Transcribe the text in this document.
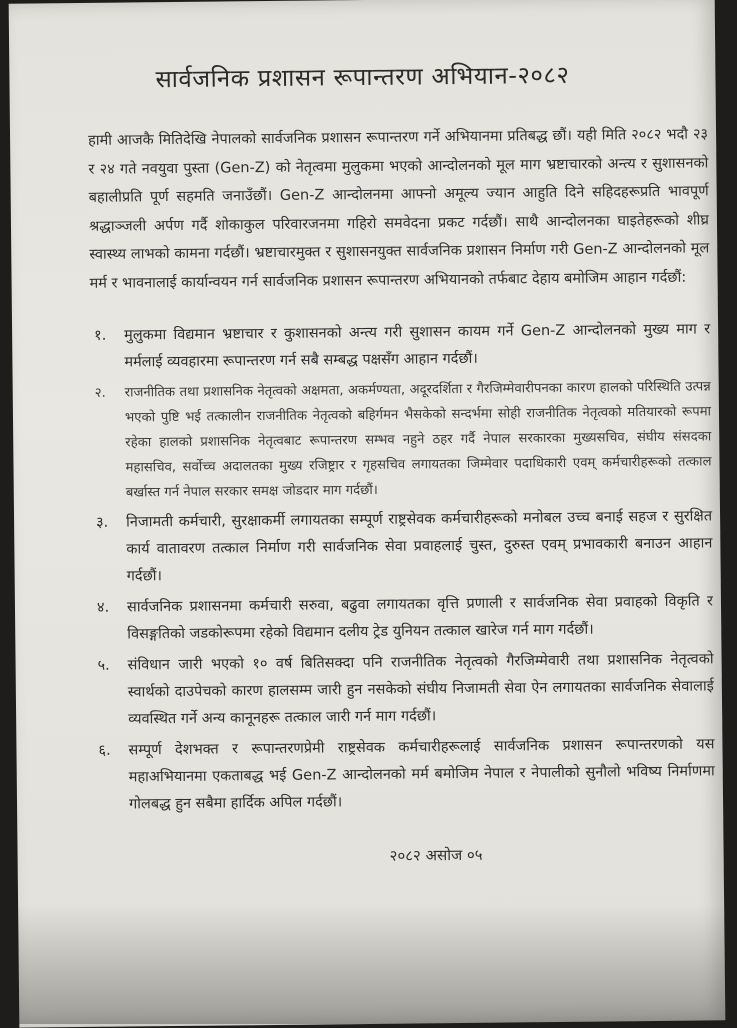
सार्वजनिक प्रशासन रूपान्तरण अभियान-२०८२
हामी आजकै मितिदेखि नेपालको सार्वजनिक प्रशासन रूपान्तरण गर्ने अभियानमा प्रतिबद्ध छौं। यही मिति २०८२ भदौ २३ र २४ गते नवयुवा पुस्ता (Gen-Z) को नेतृत्वमा मुलुकमा भएको आन्दोलनको मूल माग भ्रष्टाचारको अन्त्य र सुशासनको बहालीप्रति पूर्ण सहमति जनाउँछौं। Gen-Z आन्दोलनमा आफ्नो अमूल्य ज्यान आहुति दिने सहिदहरूप्रति भावपूर्ण श्रद्धाञ्जली अर्पण गर्दै शोकाकुल परिवारजनमा गहिरो समवेदना प्रकट गर्दछौं। साथै आन्दोलनका घाइतेहरूको शीघ्र स्वास्थ्य लाभको कामना गर्दछौं। भ्रष्टाचारमुक्त र सुशासनयुक्त सार्वजनिक प्रशासन निर्माण गरी Gen-Z आन्दोलनको मूल मर्म र भावनालाई कार्यान्वयन गर्न सार्वजनिक प्रशासन रूपान्तरण अभियानको तर्फबाट देहाय बमोजिम आहान गर्दछौं:
१. मुलुकमा विद्यमान भ्रष्टाचार र कुशासनको अन्त्य गरी सुशासन कायम गर्ने Gen-Z आन्दोलनको मुख्य माग र मर्मलाई व्यवहारमा रूपान्तरण गर्न सबै सम्बद्ध पक्षसँग आहान गर्दछौं।
२. राजनीतिक तथा प्रशासनिक नेतृत्वको अक्षमता, अकर्मण्यता, अदूरदर्शिता र गैरजिम्मेवारीपनका कारण हालको परिस्थिति उत्पन्न भएको पुष्टि भई तत्कालीन राजनीतिक नेतृत्वको बहिर्गमन भैसकेको सन्दर्भमा सोही राजनीतिक नेतृत्वको मतियारको रूपमा रहेका हालको प्रशासनिक नेतृत्वबाट रूपान्तरण सम्भव नहुने ठहर गर्दै नेपाल सरकारका मुख्यसचिव, संघीय संसदका महासचिव, सर्वोच्च अदालतका मुख्य रजिष्ट्रार र गृहसचिव लगायतका जिम्मेवार पदाधिकारी एवम् कर्मचारीहरूको तत्काल बर्खास्त गर्न नेपाल सरकार समक्ष जोडदार माग गर्दछौं।
३. निजामती कर्मचारी, सुरक्षाकर्मी लगायतका सम्पूर्ण राष्ट्रसेवक कर्मचारीहरूको मनोबल उच्च बनाई सहज र सुरक्षित कार्य वातावरण तत्काल निर्माण गरी सार्वजनिक सेवा प्रवाहलाई चुस्त, दुरुस्त एवम् प्रभावकारी बनाउन आहान गर्दछौं।
४. सार्वजनिक प्रशासनमा कर्मचारी सरुवा, बढुवा लगायतका वृत्ति प्रणाली र सार्वजनिक सेवा प्रवाहको विकृति र विसङ्गतिको जडकोरूपमा रहेको विद्यमान दलीय ट्रेड युनियन तत्काल खारेज गर्न माग गर्दछौं।
५. संविधान जारी भएको १० वर्ष बितिसक्दा पनि राजनीतिक नेतृत्वको गैरजिम्मेवारी तथा प्रशासनिक नेतृत्वको स्वार्थको दाउपेचको कारण हालसम्म जारी हुन नसकेको संघीय निजामती सेवा ऐन लगायतका सार्वजनिक सेवालाई व्यवस्थित गर्ने अन्य कानूनहरू तत्काल जारी गर्न माग गर्दछौं।
६. सम्पूर्ण देशभक्त र रूपान्तरणप्रेमी राष्ट्रसेवक कर्मचारीहरूलाई सार्वजनिक प्रशासन रूपान्तरणको यस महाअभियानमा एकताबद्ध भई Gen-Z आन्दोलनको मर्म बमोजिम नेपाल र नेपालीको सुनौलो भविष्य निर्माणमा गोलबद्ध हुन सबैमा हार्दिक अपिल गर्दछौं।
२०८२ असोज ०५
